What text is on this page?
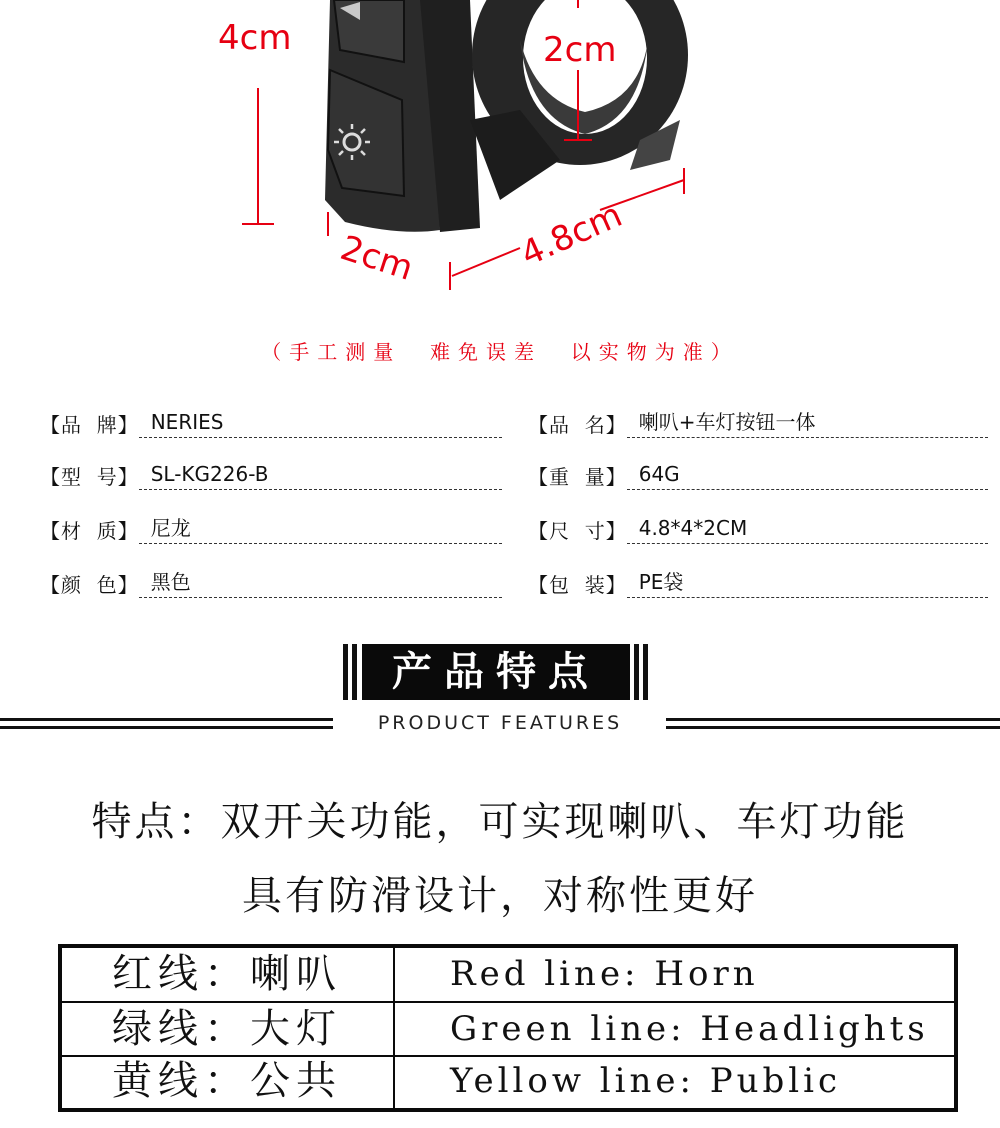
4cm	2cm
2cm	4.8cm
（手工测量  难免误差  以实物为准）
【品  牌】 NERIES
【型  号】 SL-KG226-B
【材  质】 尼龙
【颜  色】 黑色
【品  名】 喇叭+车灯按钮一体
【重  量】 64G
【尺  寸】 4.8*4*2CM
【包  装】 PE袋
产品特点
PRODUCT FEATURES
特点：双开关功能，可实现喇叭、车灯功能
具有防滑设计，对称性更好
红线：喇叭	Red line: Horn
绿线：大灯	Green line: Headlights
黄线：公共	Yellow line: Public
